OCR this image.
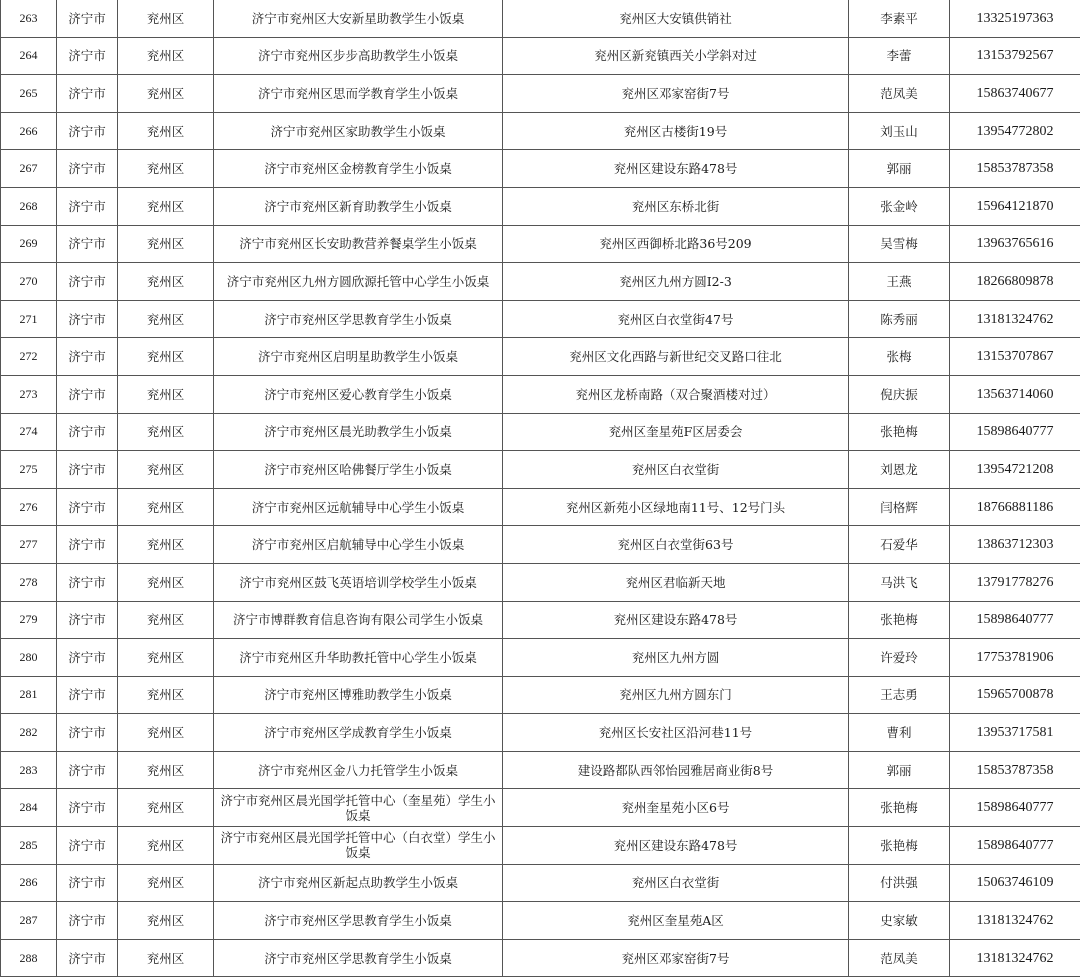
263	济宁市	兖州区	济宁市兖州区大安新星助教学生小饭桌	兖州区大安镇供销社	李素平	13325197363
264	济宁市	兖州区	济宁市兖州区步步高助教学生小饭桌	兖州区新兖镇西关小学斜对过	李蕾	13153792567
265	济宁市	兖州区	济宁市兖州区思而学教育学生小饭桌	兖州区邓家窑街7号	范凤美	15863740677
266	济宁市	兖州区	济宁市兖州区家助教学生小饭桌	兖州区古楼街19号	刘玉山	13954772802
267	济宁市	兖州区	济宁市兖州区金榜教育学生小饭桌	兖州区建设东路478号	郭丽	15853787358
268	济宁市	兖州区	济宁市兖州区新育助教学生小饭桌	兖州区东桥北街	张金岭	15964121870
269	济宁市	兖州区	济宁市兖州区长安助教营养餐桌学生小饭桌	兖州区西御桥北路36号209	吴雪梅	13963765616
270	济宁市	兖州区	济宁市兖州区九州方圆欣源托管中心学生小饭桌	兖州区九州方圆I2-3	王燕	18266809878
271	济宁市	兖州区	济宁市兖州区学思教育学生小饭桌	兖州区白衣堂街47号	陈秀丽	13181324762
272	济宁市	兖州区	济宁市兖州区启明星助教学生小饭桌	兖州区文化西路与新世纪交叉路口往北	张梅	13153707867
273	济宁市	兖州区	济宁市兖州区爱心教育学生小饭桌	兖州区龙桥南路（双合聚酒楼对过）	倪庆振	13563714060
274	济宁市	兖州区	济宁市兖州区晨光助教学生小饭桌	兖州区奎星苑F区居委会	张艳梅	15898640777
275	济宁市	兖州区	济宁市兖州区哈佛餐厅学生小饭桌	兖州区白衣堂街	刘恩龙	13954721208
276	济宁市	兖州区	济宁市兖州区远航辅导中心学生小饭桌	兖州区新苑小区绿地南11号、12号门头	闫格辉	18766881186
277	济宁市	兖州区	济宁市兖州区启航辅导中心学生小饭桌	兖州区白衣堂街63号	石爱华	13863712303
278	济宁市	兖州区	济宁市兖州区鼓飞英语培训学校学生小饭桌	兖州区君临新天地	马洪飞	13791778276
279	济宁市	兖州区	济宁市博群教育信息咨询有限公司学生小饭桌	兖州区建设东路478号	张艳梅	15898640777
280	济宁市	兖州区	济宁市兖州区升华助教托管中心学生小饭桌	兖州区九州方圆	许爱玲	17753781906
281	济宁市	兖州区	济宁市兖州区博雅助教学生小饭桌	兖州区九州方圆东门	王志勇	15965700878
282	济宁市	兖州区	济宁市兖州区学成教育学生小饭桌	兖州区长安社区沿河巷11号	曹利	13953717581
283	济宁市	兖州区	济宁市兖州区金八力托管学生小饭桌	建设路都队西邻怡园雅居商业街8号	郭丽	15853787358
284	济宁市	兖州区	济宁市兖州区晨光国学托管中心（奎星苑）学生小饭桌	兖州奎星苑小区6号	张艳梅	15898640777
285	济宁市	兖州区	济宁市兖州区晨光国学托管中心（白衣堂）学生小饭桌	兖州区建设东路478号	张艳梅	15898640777
286	济宁市	兖州区	济宁市兖州区新起点助教学生小饭桌	兖州区白衣堂街	付洪强	15063746109
287	济宁市	兖州区	济宁市兖州区学思教育学生小饭桌	兖州区奎星苑A区	史家敏	13181324762
288	济宁市	兖州区	济宁市兖州区学思教育学生小饭桌	兖州区邓家窑街7号	范凤美	13181324762
